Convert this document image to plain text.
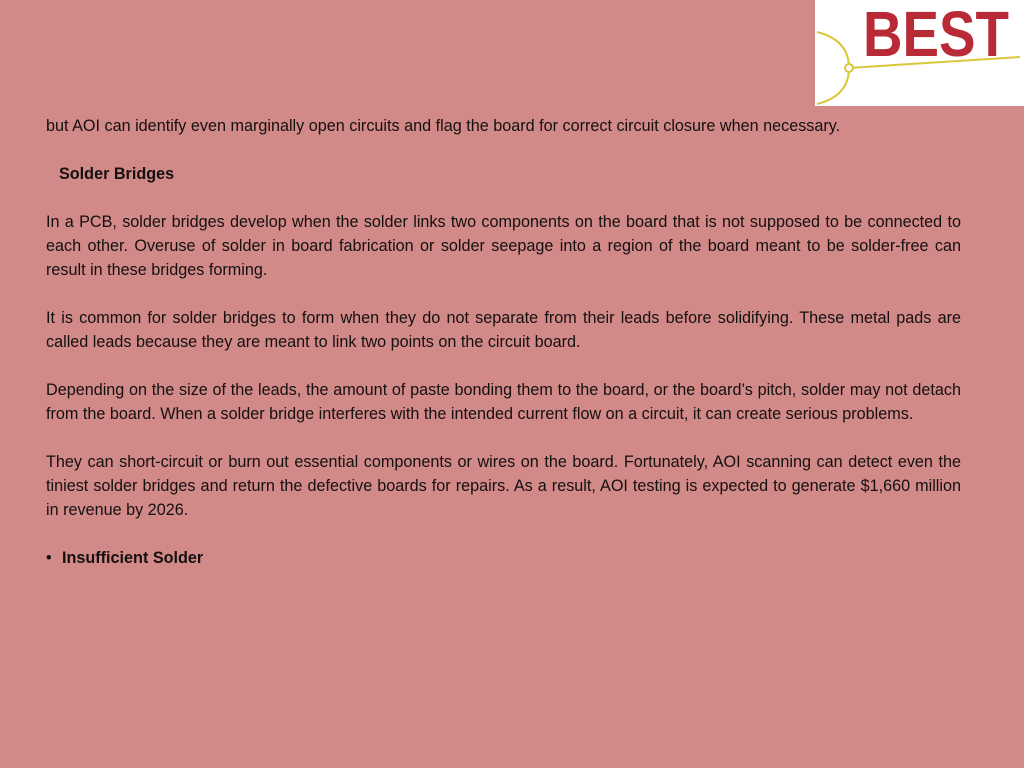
BEST

but AOI can identify even marginally open circuits and flag the board for correct circuit closure when necessary.

Solder Bridges

In a PCB, solder bridges develop when the solder links two components on the board that is not supposed to be connected to each other. Overuse of solder in board fabrication or solder seepage into a region of the board meant to be solder-free can result in these bridges forming.

It is common for solder bridges to form when they do not separate from their leads before solidifying. These metal pads are called leads because they are meant to link two points on the circuit board.

Depending on the size of the leads, the amount of paste bonding them to the board, or the board’s pitch, solder may not detach from the board. When a solder bridge interferes with the intended current flow on a circuit, it can create serious problems.

They can short-circuit or burn out essential components or wires on the board. Fortunately, AOI scanning can detect even the tiniest solder bridges and return the defective boards for repairs. As a result, AOI testing is expected to generate $1,660 million in revenue by 2026.

• Insufficient Solder
